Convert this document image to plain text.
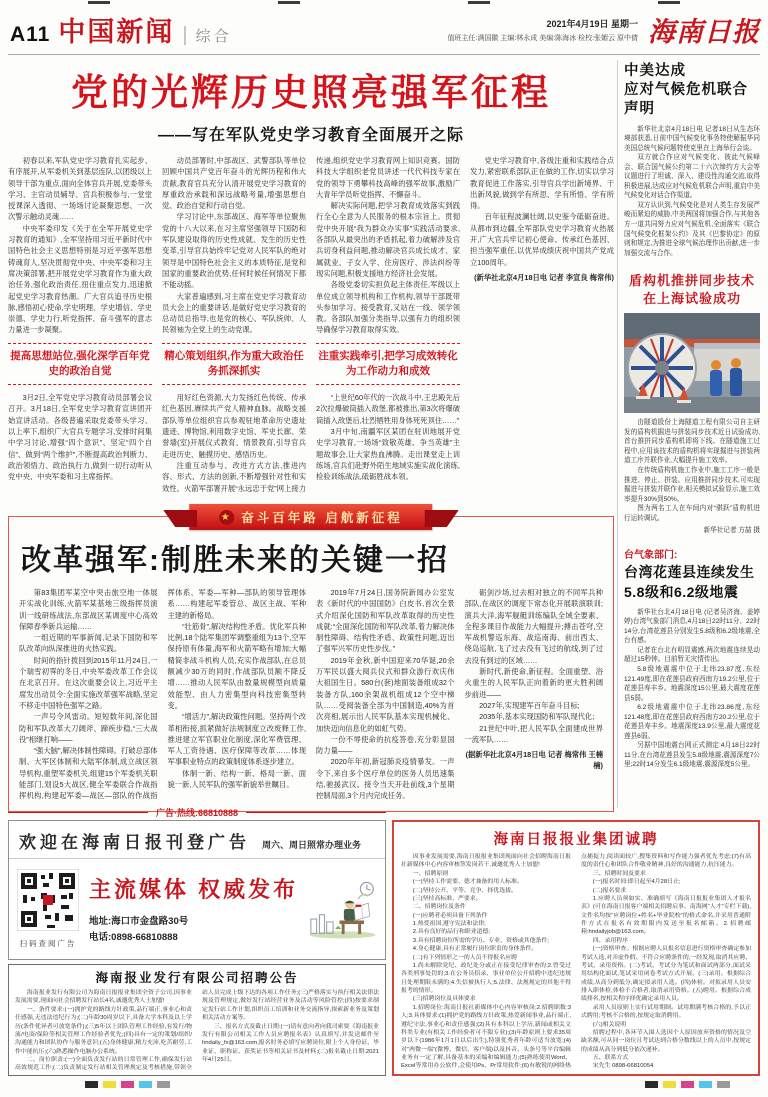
A11 中国新闻 | 综合
2021年4月19日 星期一
值班主任:满国徽 主编:林永成 美编:陈海冰 检校:张媚云 原中倩 海南日报
党的光辉历史照亮强军征程
——写在军队党史学习教育全面展开之际

初春以来,军队党史学习教育扎实起步、有序展开,从军委机关到基层连队,以团级以上领导干部为重点,面向全体官兵开展,党委带头学习、主官动员辅导、官兵积极参与,一堂堂授课深入透彻、一场场讨论凝聚思想、一次次警示触动灵魂……

中央军委印发《关于在全军开展党史学习教育的通知》,全军坚持用习近平新时代中国特色社会主义思想特别是习近平强军思想铸魂育人,坚决贯彻党中央、中央军委和习主席决策部署,把开展党史学习教育作为重大政治任务,强化政治责任,扭住重点发力,迅速掀起党史学习教育热潮。广大官兵追寻历史根脉,感悟初心使命,学史明理、学史增信、学史崇德、学史力行,听党指挥、奋斗强军的意志力量进一步凝聚。

提高思想站位,强化深学百年党史的政治自觉

3月2日,全军党史学习教育动员部署会议召开。3月18日,全军党史学习教育宣讲团开始宣讲活动。各级普遍采取党委带头学习、以上率下,组织广大官兵专题学习,安排时间集中学习讨论,增强“四个意识”、坚定“四个自信”、做到“两个维护”,不断提高政治判断力、政治领悟力、政治执行力,做到一切行动听从党中央、中央军委和习主席指挥。

动员部署时,中部战区、武警部队等单位回顾中国共产党百年奋斗的光辉历程和伟大贡献,教育官兵充分认清开展党史学习教育的厚重政治承载和深远战略考量,增强思想自觉、政治自觉和行动自觉。

学习讨论中,东部战区、海军等单位聚焦党的十八大以来,在习主席坚强领导下国防和军队建设取得的历史性成就、发生的历史性变革,引导官兵始终牢记党对人民军队的绝对领导是中国特色社会主义的本质特征,是党和国家的重要政治优势,任何时候任何情况下都不能动摇。

大家普遍感到,习主席在党史学习教育动员大会上的重要讲话,是做好党史学习教育的总动员总指导,也是党的核心、军队统帅、人民领袖为全党上的生动党课。

精心策划组织,作为重大政治任务抓深抓实

用好红色资源,大力发扬红色传统、传承红色基因,赓续共产党人精神血脉。战略支援部队等单位组织官兵参观驻地革命历史遗址遗迹、博物馆,利用数字史馆、军史长廊、荣誉墙(室)开展仪式教育、情景教育,引导官兵走进历史、触摸历史、感悟历史。

注重互动参与、改进方式方法,推进内容、形式、方法的创新,不断增强针对性和实效性。火箭军部署开展“永远忠于党”网上接力传递,组织党史学习教育网上知识竞赛。国防科技大学组织老党员讲述一代代科技专家在党的领导下勇攀科技高峰的强军故事,激励广大青年学员听党指挥、不懈奋斗。

解决实际问题,把学习教育成效落实到践行全心全意为人民服务的根本宗旨上。贯彻党中央开展“我为群众办实事”实践活动要求,各部队从最突出的矛盾抓起,着力破解涉及官兵切身利益问题,推动解决官兵成长成才、家属就业、子女入学、住房医疗、涉法纠纷等现实问题,积极支援地方经济社会发展。

各级党委切实担负起主体责任,军级以上单位成立领导机构和工作机构,领导干部既带头参加学习、接受教育,又站在一线、领学领教。各部队加强分类指导,以强有力的组织领导确保学习教育取得实效。

注重实践牵引,把学习成效转化为工作动力和成效

“上世纪60年代的一次战斗中,王忠殿先后2次拉爆破筒插入敌堡,都被推出,第3次将爆破筒插入敌堡后,壮烈牺牲用身体死死顶住……”

3月中旬,南疆军区某团在驻训地展开党史学习教育,一场场“致敬英雄、争当英雄”主题故事会,让大家热血沸腾。走出课堂走上训练场,官兵们赴野外陌生地域实施实战化演练,检验训练战法,砥砺胜战本领。

党史学习教育中,各级注重和实践结合点发力,紧密联系部队正在做的工作,切实以学习教育促进工作落实,引导官兵学出新境界、干出新风貌,做到学有所思、学有所悟、学有所得。

百年征程波澜壮阔,以史鉴今砥砺奋进。从都市到边疆,全军部队党史学习教育火热展开,广大官兵牢记初心使命、传承红色基因、担当强军重任,以优异成绩庆祝中国共产党成立100周年。

(新华社北京4月18日电 记者 李宣良 梅常伟)
★ 奋斗百年路 启航新征程
改革强军:制胜未来的关键一招

第83集团军某空中突击旅空地一体展开实战化训练,火箭军某基地三级指挥员演训一线研练战法,东部战区某调度中心高效保障春季新兵运输……

一组近期的军事新闻,记录下国防和军队改革向纵深推进的火热实践。

时间的指针拨回到2015年11月24日,一个瑞雪初霁的冬日,中央军委改革工作会议在北京召开。在这次重要会议上,习近平主席发出动员令:全面实施改革强军战略,坚定不移走中国特色强军之路。

一声号令风雷动。短短数年间,深化国防和军队改革大刀阔斧、蹄疾步稳,“三大战役”相继打响——

“强大脑”,解决体制性障碍。打破总部体制、大军区体制和大陆军体制,成立战区领导机构,重塑军委机关,组建15个军委机关职能部门,划设5大战区,健全军委联合作战指挥机构,构建起军委—战区—部队的作战指挥体系、军委—军种—部队的领导管理体系……构建起军委管总、战区主战、军种主建的新格局。

“壮筋骨”,解决结构性矛盾。优化军兵种比例,18个陆军集团军调整重组为13个,空军保持原有体量,海军和火箭军略有增加;大幅精简非战斗机构人员,充实作战部队,在总员额减少30万的同时,作战部队员额不降反增……推动人民军队由数量规模型向质量效能型、由人力密集型向科技密集型转变。

“增活力”,解决政策性问题。坚持两个改革相衔接,抓紧做好法规制度立改废释工作,推进建立军官职业化制度,深化军费管理、军人工资待遇、医疗保障等改革……体现军事职业特点的政策制度体系逐步建立。

体制一新、结构一新、格局一新、面貌一新,人民军队的强军新貌举世瞩目。

2019年7月24日,国务院新闻办公室发表《新时代的中国国防》白皮书,首次全景式介绍深化国防和军队改革取得的历史性成就:“全面深化国防和军队改革,着力解决体制性障碍、结构性矛盾、政策性问题,迈出了强军兴军历史性步伐。”

2019年金秋,新中国迎来70华诞,20余万军民以盛大阅兵仪式和群众游行欢庆伟大祖国生日。580台(套)地面装备组成32个装备方队,160余架战机组成12个空中梯队……受阅装备全部为中国制造,40%为首次亮相,展示出人民军队基本实现机械化、加快迈向信息化的如虹气势。

一份不辱使命的抗疫答卷,充分彰显国防力量——

2020年年初,新冠肺炎疫情暴发。一声令下,来自多个医疗单位的医务人员迅速集结,驰援武汉。接令当天开赴前线,3个星期控制局面,3个月内完成任务。

砺剑沙场,过去相对独立的不同军兵种部队,在战区的调度下常态化开展联演联训;演兵大洋,海军舰艇训练编队全域全要素、全程多课目作战能力大幅提升;搏击苍穹,空军战机警巡东海、战巡南海、前出西太、绕岛巡航,飞了过去没有飞过的航线,到了过去没有到过的区域……

新时代,新使命,新征程。全面重塑、浴火重生的人民军队正向着新的更大胜利阔步前进——

2027年,实现建军百年奋斗目标;

2035年,基本实现国防和军队现代化;

21世纪中叶,把人民军队全面建成世界一流军队……

(据新华社北京4月18日电 记者 梅常伟 王楠楠)
中美达成
应对气候危机联合声明

新华社北京4月18日电 记者18日从生态环境部获悉,日前中国气候变化事务特使解振华同美国总统气候问题特使克里在上海举行会谈。

双方就合作应对气候变化、彼此气候峰会、联合国气候公约第二十六次缔约方大会等议题进行了坦诚、深入、建设性沟通交流,取得积极进展,达成应对气候危机联合声明,重启中美气候变化对话合作渠道。

双方认识到,气候变化是对人类生存发展严峻而紧迫的威胁,中美两国将加强合作,与其他各方一道共同努力应对气候危机,全面落实《联合国气候变化框架公约》及其《巴黎协定》的原则和规定,为推进全球气候治理作出贡献,进一步加强交流与合作。

盾构机推拼同步技术
在上海试验成功

由隧道股份上海隧道工程有限公司自主研发的盾构机掘进与拼装同步技术近日试验成功,首台推拼同步盾构机即将下线。在隧道施工过程中,应用该技术的盾构机将实现掘进与拼装两道工序并联作业,大幅提升施工效率。

在传统盾构机施工作业中,施工工序一般是推进、停止、拼装。应用推拼同步技术,可实现掘进与拼装并联作业,相关模拟试验显示,施工效率提升30%到50%。

图为两名工人在车间内对“骐跃”盾构机进行运转调试。

新华社记者 方喆 摄
台气象部门:
台湾花莲县连续发生
5.8级和6.2级地震

新华社台北4月18日电 (记者吴济海、姜婷婷)台湾气象部门消息,4月18日22时11分、22时14分,台湾花莲县分别发生5.8级和6.2级地震,全台有感。

记者在台北有明显震感,两次地震连续晃动超过15秒钟。目前暂无灾情传出。

5.8级地震震中位于北纬23.87度,东经121.49度,即在花莲县政府西南方19.2公里,位于花莲县寿丰乡。地震深度15公里,最大震度花莲县5弱。

6.2级地震震中位于北纬23.86度,东经121.48度,即在花莲县政府西南方20.2公里,位于花莲县寿丰乡。地震深度13.9公里,最大震度花莲县6弱。

另据中国地震台网正式测定:4月18日22时11分,在台湾花莲县发生5.8级地震,震源深度7公里;22时14分发生6.1级地震,震源深度5公里。

广告·热线:66810888
欢迎在海南日报刊登广告 周六、周日照常办理业务
扫码查阅广告
主流媒体 权威发布
地址:海口市金盘路30号
电话:0898-66810888
海南报业发行有限公司招聘公告

海南报业发行有限公司为海南日报报业集团全资子公司,因事业发展需要,现面向社会招聘发行站长4名,诚邀优秀人士加盟!

一、条件要求:(一)拥护党的路线方针政策,品行端正,事业心和责任感强,无违法违纪行为;(二)年龄30周岁以下,具备大学本科及以上学历(条件优异者可放宽条件);(三)5年以上团队管理工作经验,有发行/物流/电商/保险等相关管理工作经验者优先;(四)具有一定的策划/组织/沟通能力和团队协作与服务意识;(五)身体健康,精力充沛,吃苦耐劳,工作中能抗压;(六)熟悉操作电脑办公系统。

二、岗位职责:(一)全面负责发行站的日常管理工作,确保发行站高效规范工作;(二)负责制定发行站相关管理规定及考核措施,带领全站人员完成上级下达的各项工作任务;(三)严格落实与执行相关法律法规及管理规定,做好发行站经营业务及活动等风险管控;(四)按要求制定发行站工作计划,组织员工培训和业务交流指导,探索新业务及策划相关活动方案等。

三、报名方式及截止日期:(一)请有意向者向我司索要《海南报业发行有限公司相关工作人员应聘报名表》认真填写,并发送邮件至hndaily_fx@163.com,报名时务必填写应聘岗位,附上个人身份证、毕业证、职称证、获奖证书等相关证书及材料;(二)报名截止日期:2021年4月25日。

海南日报报业集团诚聘

因事业发展需要,海南日报报业集团现面向社会招聘海南日报社新媒体中心内容审核签发岗若干,诚邀优秀人士加盟!

一、招聘原则

(一)坚持工作需要、德才兼备的用人标准。

(二)坚持公开、平等、竞争、择优选拔。

(三)坚持高标准、严要求。

二、招聘岗位及条件

(一)应聘者必须具备下列条件

1.热爱祖国,遵守宪法和法律;

2.具有良好的品行和职业道德;

3.具有招聘岗位所需的学历、专业、资格或其他条件;

4.身心健康,具有正常履行岗位职责的身体条件。

(二)有下列情形之一的人员不得报名应聘

1.尚未解除党纪、政纪处分或正在接受纪律审查的;2.曾受过各类刑事处罚的;3.在公务员招录、事业单位公开招聘中违纪违规且处理期限未满的;4.失信被执行人;5.法律、法规规定的其他不得报考的情形。

(三)招聘岗位及具体要求

1.招聘岗位:海南日报社新媒体中心内容审核岗;2.招聘职数:3人;3.具体要求:(1)拥护党的路线方针政策,热爱新闻事业,品行端正,遵纪守法,事业心和责任感强;(2)具有本科以上学历,新闻或相关文科类专业(有相关工作经验者可不限专业);(3)年龄原则上要求35周岁以下(1986年1月1日以后出生),特别优秀者年龄可适当放宽;(4)对“两微一端”(微博、微信、客户端)以及抖音、头条号等平台编辑业务有一定了解,具备基本的采编和编辑能力;(5)熟练使用Word、Excel等常用办公软件,会使用Ps、Pr常用软件;(6)有敏锐的网络热点捕捉力,阅读面较广,搜集资料和写作能力强者优先考虑;(7)有高度的责任心和团队合作敬业精神,良好的沟通能力,抗压能力。

三、招聘时间及要求

(一)报名时间:即日起至4月28日止;

(二)报名要求

1.应聘人员须如实、准确填写《海南日报报业集团人才报名表》(可在海南日报客户端相关招聘启事、南海网“人才”专栏下载),文件名均按“应聘岗位+姓名+毕业院校”的格式命名,并采用普通附件方式在报名有效期限内发送至报名邮箱。2.招聘邮箱:hndailyjob@163.com。

四、录用程序

(一)资格审查。根据应聘人员报名信息进行资格审查确定参加考试人选,对弄虚作假、不符合应聘条件的,一经发现,取消其应聘、考试、录用资格。(二)考试。考试分为笔试和面试两部分,面试采用结构化面试,笔试采用闭卷考试方式开展。(三)录用。根据综合成绩,从高分到低分,确定拟录用人选。(四)体检。对拟录用人员安排入职体检,体检不合格者,取消录用资格。(五)聘用。根据综合成绩排名,按相关程序择优确定录用人员。

录用人员原则上实行试用期制。试用期满考核合格的,予以正式聘用;考核不合格的,按规定取消聘用。

(六)相关说明

招聘过程中,各环节入围人选因个人原因放弃资格的情况及空缺名额,可从同一岗位且考试达到合格分数线以上的人员中,按规定的成绩从高分到低分依次递补。

五、联系方式

宋先生 0898-66810054
